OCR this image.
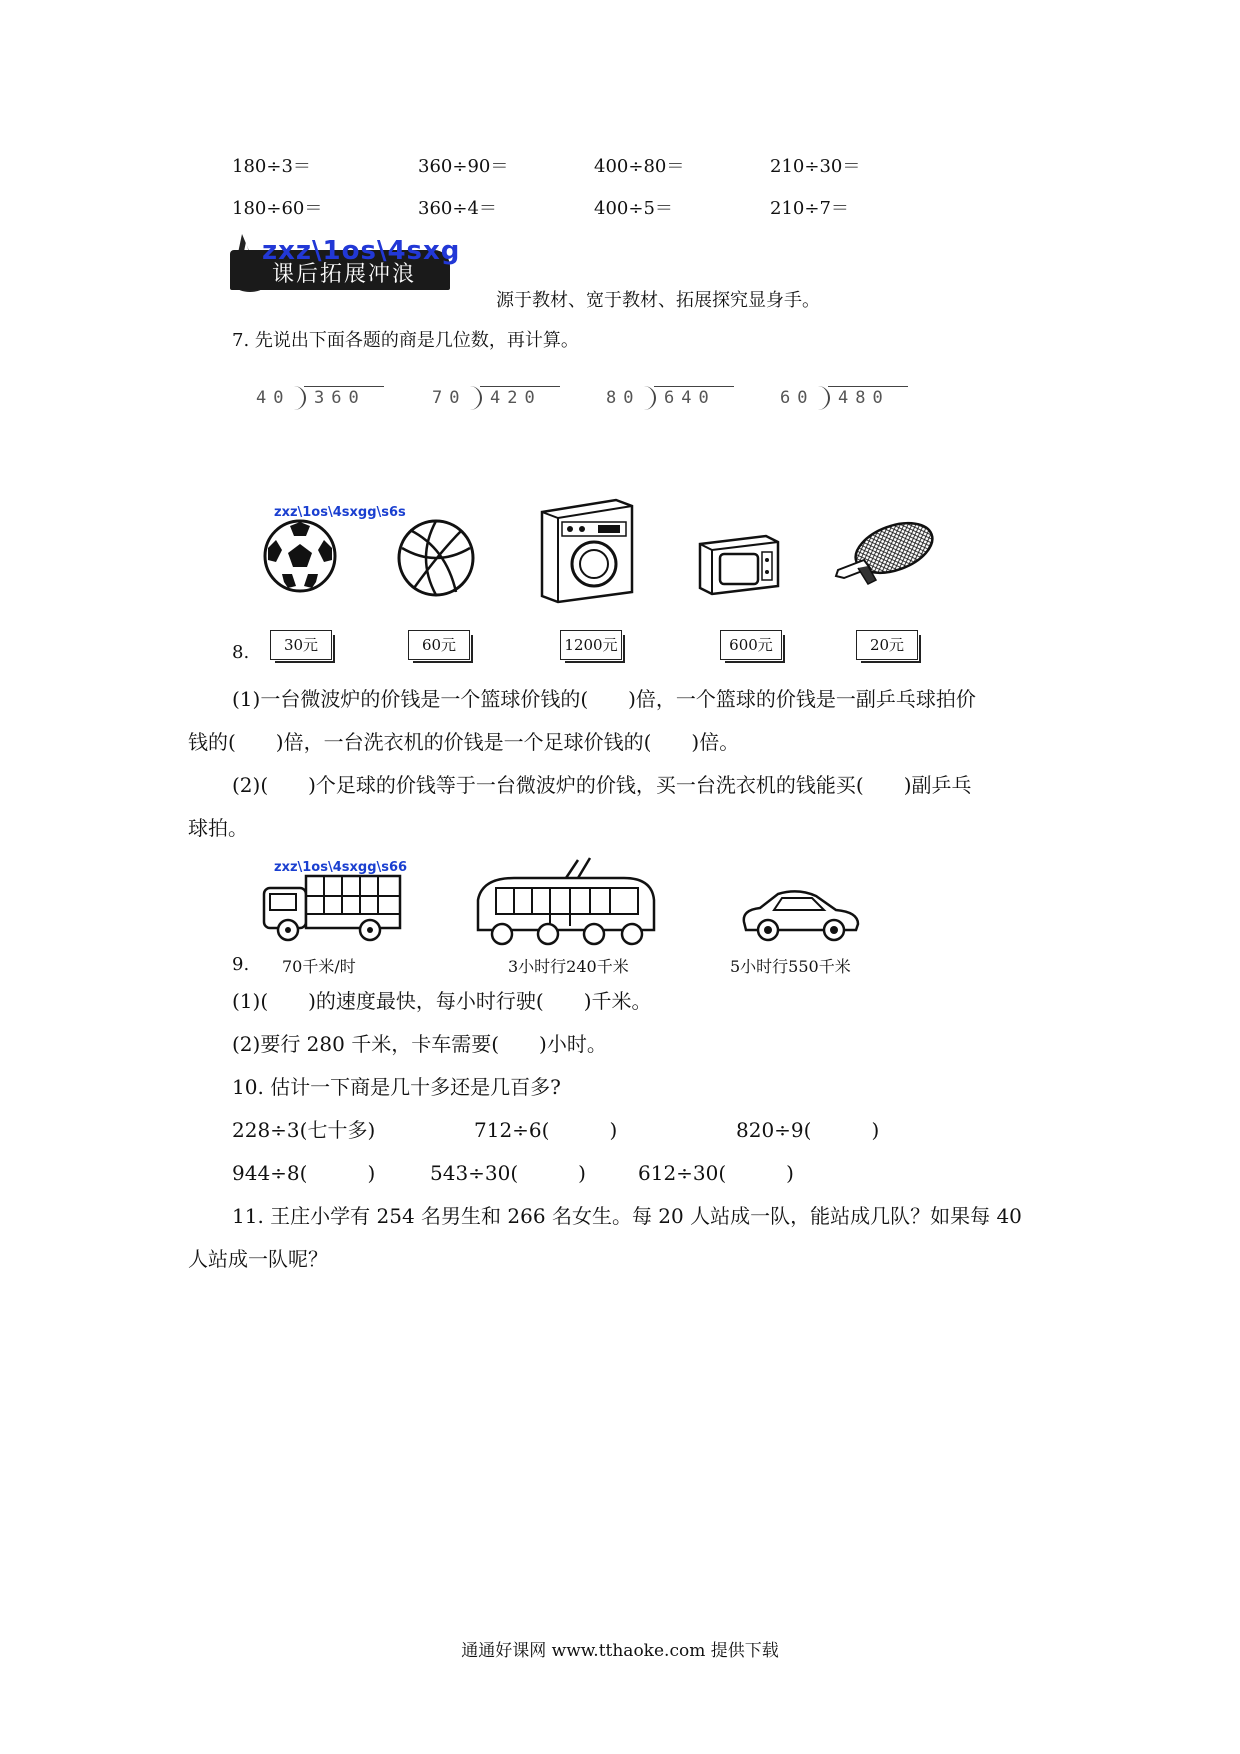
180÷3＝	360÷90＝	400÷80＝	210÷30＝
180÷60＝	360÷4＝	400÷5＝	210÷7＝
课后拓展冲浪
zxz\1os\4sxg
源于教材、宽于教材、拓展探究显身手。
7. 先说出下面各题的商是几位数，再计算。
40 360	70 420	80 640	60 480
zxz\1os\4sxgg\s6s
8.	30元	60元	1200元	600元	20元
(1)一台微波炉的价钱是一个篮球价钱的(　　)倍，一个篮球的价钱是一副乒乓球拍价
钱的(　　)倍，一台洗衣机的价钱是一个足球价钱的(　　)倍。
(2)(　　)个足球的价钱等于一台微波炉的价钱，买一台洗衣机的钱能买(　　)副乒乓
球拍。
zxz\1os\4sxgg\s66
9. 70千米/时	3小时行240千米	5小时行550千米
(1)(　　)的速度最快，每小时行驶(　　)千米。
(2)要行 280 千米，卡车需要(　　)小时。
10. 估计一下商是几十多还是几百多?
228÷3(七十多)	712÷6(　　　)	820÷9(　　　)
944÷8(　　　)	543÷30(　　　)	612÷30(　　　)
11. 王庄小学有 254 名男生和 266 名女生。每 20 人站成一队，能站成几队？如果每 40
人站成一队呢？
通通好课网 www.tthaoke.com 提供下载
